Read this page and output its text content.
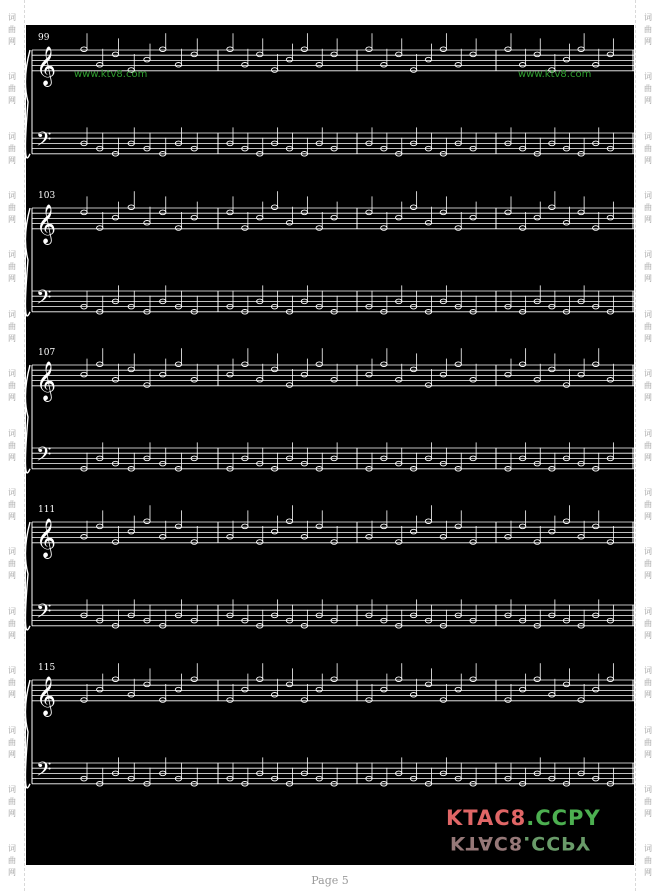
词
曲
网
词
曲
网
词
曲
网
词
曲
网
词
曲
网
词
曲
网
词
曲
网
词
曲
网
词
曲
网
词
曲
网
词
曲
网
词
曲
网
词
曲
网
词
曲
网
词
曲
网
词
曲
网
词
曲
网
词
曲
网
词
曲
网
词
曲
网
词
曲
网
词
曲
网
词
曲
网
词
曲
网
词
曲
网
词
曲
网
词
曲
网
词
曲
网
词
曲
网
词
曲
网
𝄞
𝄢
99
𝄞
𝄢
103
𝄞
𝄢
107
𝄞
𝄢
111
𝄞
𝄢
115
www.ktv8.com	www.ktv8.com
Page 5
KTAC8.CCPY
KTAC8.CCPY
